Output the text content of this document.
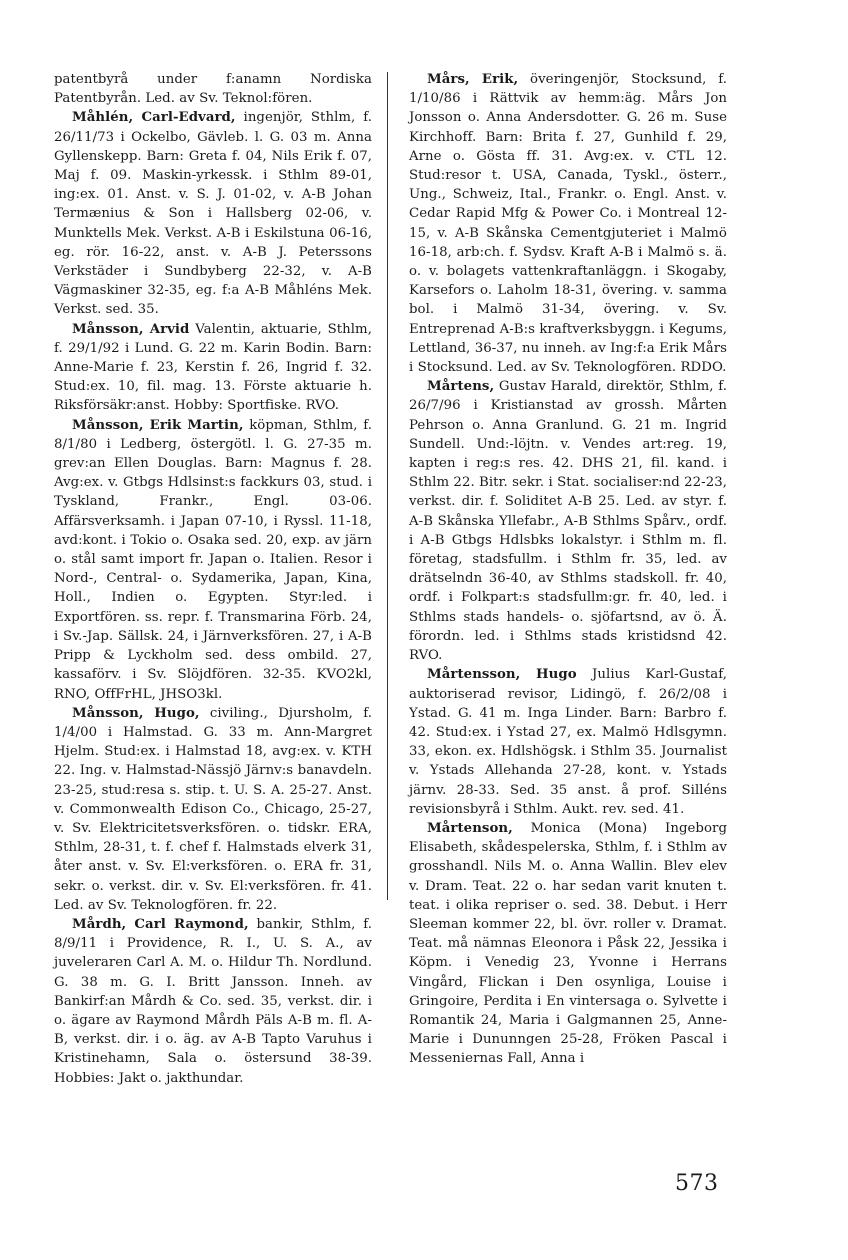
patentbyrå under f:anamn Nordiska Patentbyrån. Led. av Sv. Teknol:fören.

Måhlén, Carl-Edvard, ingenjör, Sthlm, f. 26/11/73 i Ockelbo, Gävleb. l. G. 03 m. Anna Gyllenskepp. Barn: Greta f. 04, Nils Erik f. 07, Maj f. 09. Maskin-yrkessk. i Sthlm 89-01, ing:ex. 01. Anst. v. S. J. 01-02, v. A-B Johan Termænius & Son i Hallsberg 02-06, v. Munktells Mek. Verkst. A-B i Eskilstuna 06-16, eg. rör. 16-22, anst. v. A-B J. Peterssons Verkstäder i Sundbyberg 22-32, v. A-B Vägmaskiner 32-35, eg. f:a A-B Måhléns Mek. Verkst. sed. 35.

Månsson, Arvid Valentin, aktuarie, Sthlm, f. 29/1/92 i Lund. G. 22 m. Karin Bodin. Barn: Anne-Marie f. 23, Kerstin f. 26, Ingrid f. 32. Stud:ex. 10, fil. mag. 13. Förste aktuarie h. Riksförsäkr:anst. Hobby: Sportfiske. RVO.

Månsson, Erik Martin, köpman, Sthlm, f. 8/1/80 i Ledberg, östergötl. l. G. 27-35 m. grev:an Ellen Douglas. Barn: Magnus f. 28. Avg:ex. v. Gtbgs Hdlsinst:s fackkurs 03, stud. i Tyskland, Frankr., Engl. 03-06. Affärsverksamh. i Japan 07-10, i Ryssl. 11-18, avd:kont. i Tokio o. Osaka sed. 20, exp. av järn o. stål samt import fr. Japan o. Italien. Resor i Nord-, Central- o. Sydamerika, Japan, Kina, Holl., Indien o. Egypten. Styr:led. i Exportfören. ss. repr. f. Transmarina Förb. 24, i Sv.-Jap. Sällsk. 24, i Järnverksfören. 27, i A-B Pripp & Lyckholm sed. dess ombild. 27, kassaförv. i Sv. Slöjdfören. 32-35. KVO2kl, RNO, OffFrHL, JHSO3kl.

Månsson, Hugo, civiling., Djursholm, f. 1/4/00 i Halmstad. G. 33 m. Ann-Margret Hjelm. Stud:ex. i Halmstad 18, avg:ex. v. KTH 22. Ing. v. Halmstad-Nässjö Järnv:s banavdeln. 23-25, stud:resa s. stip. t. U. S. A. 25-27. Anst. v. Commonwealth Edison Co., Chicago, 25-27, v. Sv. Elektricitetsverksfören. o. tidskr. ERA, Sthlm, 28-31, t. f. chef f. Halmstads elverk 31, åter anst. v. Sv. El:verksfören. o. ERA fr. 31, sekr. o. verkst. dir. v. Sv. El:verksfören. fr. 41. Led. av Sv. Teknologfören. fr. 22.

Mårdh, Carl Raymond, bankir, Sthlm, f. 8/9/11 i Providence, R. I., U. S. A., av juveleraren Carl A. M. o. Hildur Th. Nordlund. G. 38 m. G. I. Britt Jansson. Inneh. av Bankirf:an Mårdh & Co. sed. 35, verkst. dir. i o. ägare av Raymond Mårdh Päls A-B m. fl. A-B, verkst. dir. i o. äg. av A-B Tapto Varuhus i Kristinehamn, Sala o. östersund 38-39. Hobbies: Jakt o. jakthundar.

Mårs, Erik, överingenjör, Stocksund, f. 1/10/86 i Rättvik av hemm:äg. Mårs Jon Jonsson o. Anna Andersdotter. G. 26 m. Suse Kirchhoff. Barn: Brita f. 27, Gunhild f. 29, Arne o. Gösta ff. 31. Avg:ex. v. CTL 12. Stud:resor t. USA, Canada, Tyskl., österr., Ung., Schweiz, Ital., Frankr. o. Engl. Anst. v. Cedar Rapid Mfg & Power Co. i Montreal 12-15, v. A-B Skånska Cementgjuteriet i Malmö 16-18, arb:ch. f. Sydsv. Kraft A-B i Malmö s. ä. o. v. bolagets vattenkraftanläggn. i Skogaby, Karsefors o. Laholm 18-31, övering. v. samma bol. i Malmö 31-34, övering. v. Sv. Entreprenad A-B:s kraftverksbyggn. i Kegums, Lettland, 36-37, nu inneh. av Ing:f:a Erik Mårs i Stocksund. Led. av Sv. Teknologfören. RDDO.

Mårtens, Gustav Harald, direktör, Sthlm, f. 26/7/96 i Kristianstad av grossh. Mårten Pehrson o. Anna Granlund. G. 21 m. Ingrid Sundell. Und:-löjtn. v. Vendes art:reg. 19, kapten i reg:s res. 42. DHS 21, fil. kand. i Sthlm 22. Bitr. sekr. i Stat. socialiser:nd 22-23, verkst. dir. f. Soliditet A-B 25. Led. av styr. f. A-B Skånska Yllefabr., A-B Sthlms Spårv., ordf. i A-B Gtbgs Hdlsbks lokalstyr. i Sthlm m. fl. företag, stadsfullm. i Sthlm fr. 35, led. av drätselndn 36-40, av Sthlms stadskoll. fr. 40, ordf. i Folkpart:s stadsfullm:gr. fr. 40, led. i Sthlms stads handels- o. sjöfartsnd, av ö. Ä. förordn. led. i Sthlms stads kristidsnd 42. RVO.

Mårtensson, Hugo Julius Karl-Gustaf, auktoriserad revisor, Lidingö, f. 26/2/08 i Ystad. G. 41 m. Inga Linder. Barn: Barbro f. 42. Stud:ex. i Ystad 27, ex. Malmö Hdlsgymn. 33, ekon. ex. Hdlshögsk. i Sthlm 35. Journalist v. Ystads Allehanda 27-28, kont. v. Ystads järnv. 28-33. Sed. 35 anst. å prof. Silléns revisionsbyrå i Sthlm. Aukt. rev. sed. 41.

Mårtenson, Monica (Mona) Ingeborg Elisabeth, skådespelerska, Sthlm, f. i Sthlm av grosshandl. Nils M. o. Anna Wallin. Blev elev v. Dram. Teat. 22 o. har sedan varit knuten t. teat. i olika repriser o. sed. 38. Debut. i Herr Sleeman kommer 22, bl. övr. roller v. Dramat. Teat. må nämnas Eleonora i Påsk 22, Jessika i Köpm. i Venedig 23, Yvonne i Herrans Vingård, Flickan i Den osynliga, Louise i Gringoire, Perdita i En vintersaga o. Sylvette i Romantik 24, Maria i Galgmannen 25, Anne-Marie i Dununngen 25-28, Fröken Pascal i Messeniernas Fall, Anna i

573
